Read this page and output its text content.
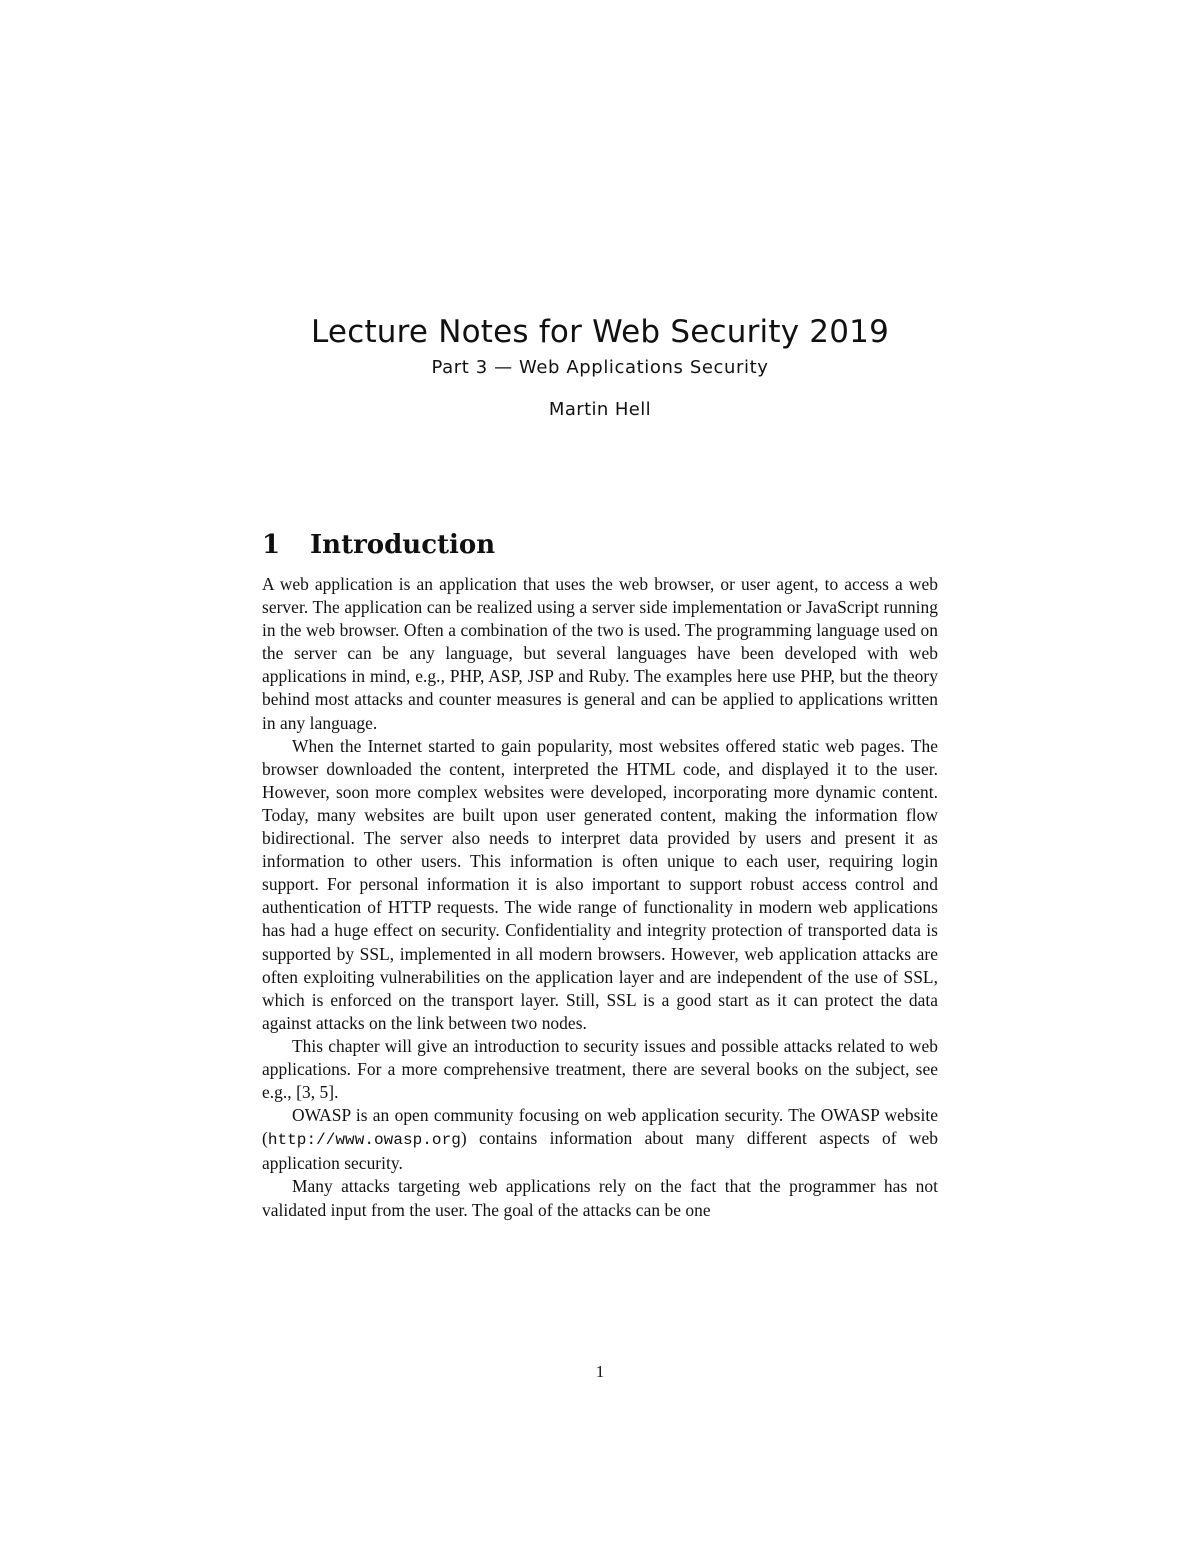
Lecture Notes for Web Security 2019
Part 3 — Web Applications Security
Martin Hell
1 Introduction

A web application is an application that uses the web browser, or user agent, to access a web server. The application can be realized using a server side implementation or JavaScript running in the web browser. Often a combination of the two is used. The programming language used on the server can be any language, but several languages have been developed with web applications in mind, e.g., PHP, ASP, JSP and Ruby. The examples here use PHP, but the theory behind most attacks and counter measures is general and can be applied to applications written in any language.

When the Internet started to gain popularity, most websites offered static web pages. The browser downloaded the content, interpreted the HTML code, and displayed it to the user. However, soon more complex websites were developed, incorporating more dynamic content. Today, many websites are built upon user generated content, making the information flow bidirectional. The server also needs to interpret data provided by users and present it as information to other users. This information is often unique to each user, requiring login support. For personal information it is also important to support robust access control and authentication of HTTP requests. The wide range of functionality in modern web applications has had a huge effect on security. Confidentiality and integrity protection of transported data is supported by SSL, implemented in all modern browsers. However, web application attacks are often exploiting vulnerabilities on the application layer and are independent of the use of SSL, which is enforced on the transport layer. Still, SSL is a good start as it can protect the data against attacks on the link between two nodes.

This chapter will give an introduction to security issues and possible attacks related to web applications. For a more comprehensive treatment, there are several books on the subject, see e.g., [3, 5].

OWASP is an open community focusing on web application security. The OWASP website (http://www.owasp.org) contains information about many different aspects of web application security.

Many attacks targeting web applications rely on the fact that the programmer has not validated input from the user. The goal of the attacks can be one

1
